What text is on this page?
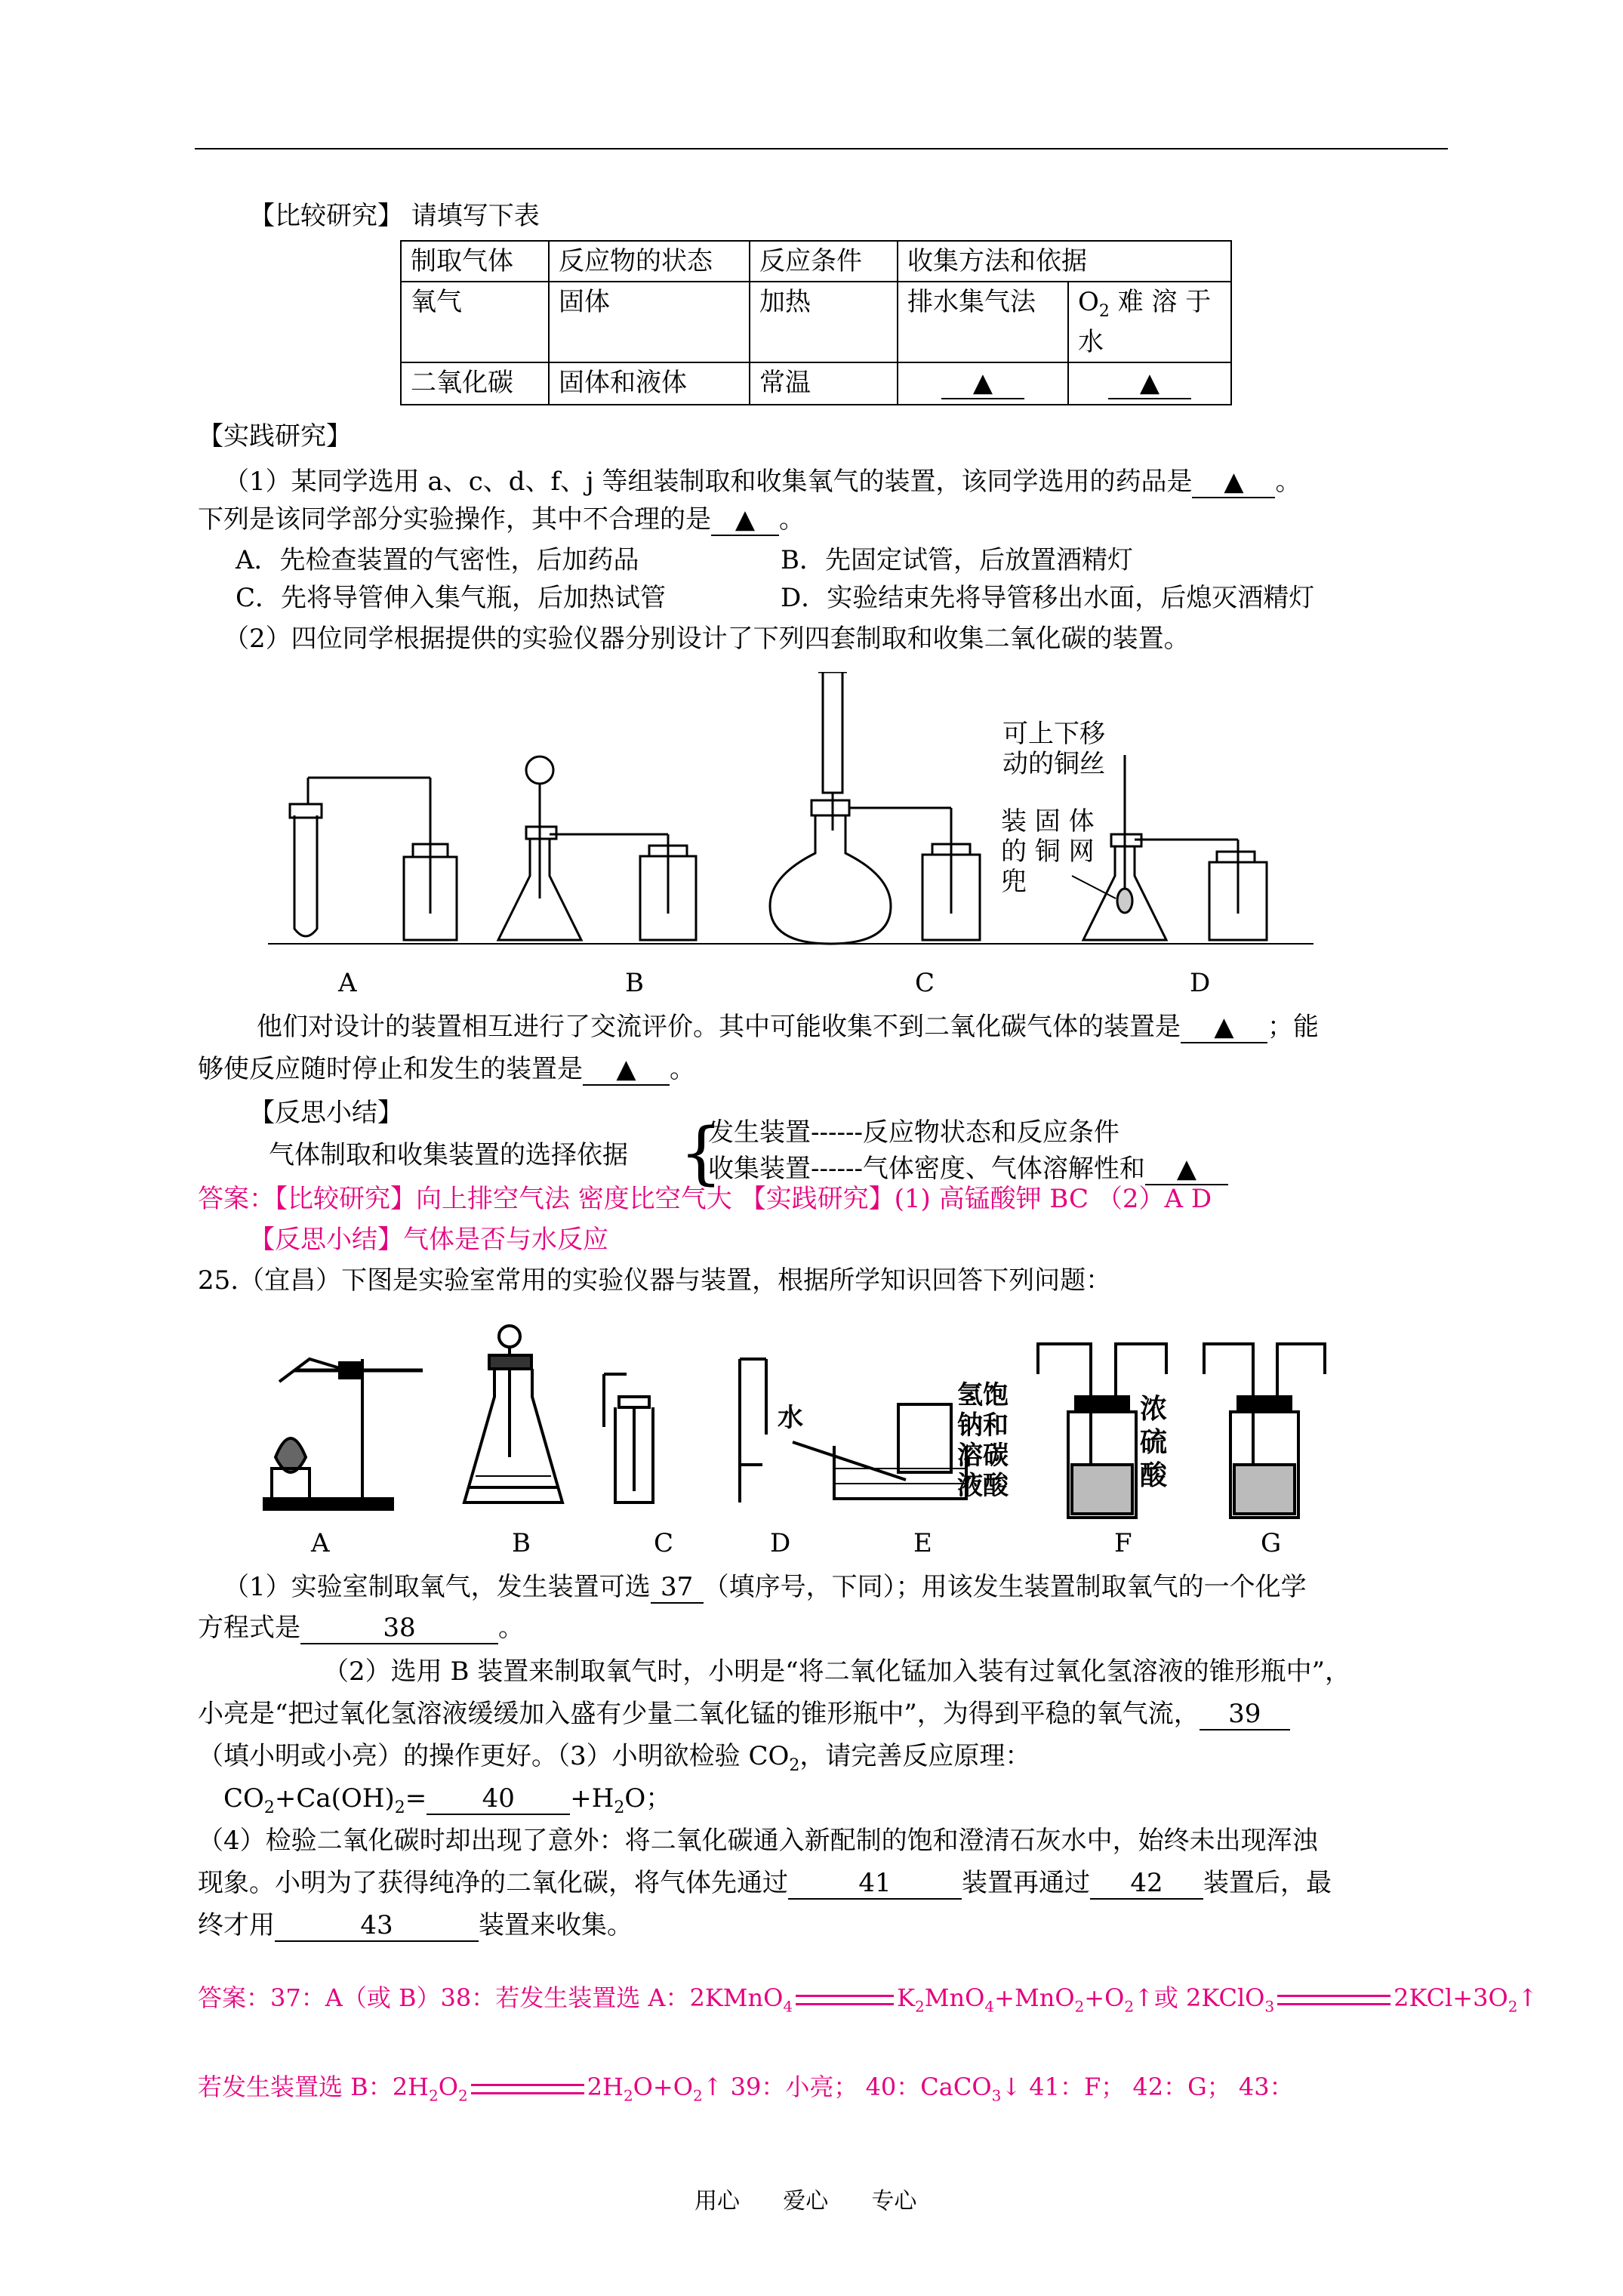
【比较研究】 请填写下表
制取气体	反应物的状态	反应条件	收集方法和依据	
氧气	固体	加热	排水集气法	$O_2$ 难 溶 于
水
二氧化碳	固体和液体	常温	▲	▲
【实践研究】
（1）某同学选用 a、c、d、f、j 等组装制取和收集氧气的装置，该同学选用的药品是 ▲ 。
下列是该同学部分实验操作，其中不合理的是 ▲ 。
A．先检查装置的气密性，后加药品	B．先固定试管，后放置酒精灯
C．先将导管伸入集气瓶，后加热试管	D．实验结束先将导管移出水面，后熄灭酒精灯
（2）四位同学根据提供的实验仪器分别设计了下列四套制取和收集二氧化碳的装置。
可上下移
动的铜丝
装 固 体
的 铜 网
兜
A	B	C	D
他们对设计的装置相互进行了交流评价。其中可能收集不到二氧化碳气体的装置是 ▲ ；能
够使反应随时停止和发生的装置是 ▲ 。
【反思小结】
气体制取和收集装置的选择依据 {
发生装置------反应物状态和反应条件
收集装置------气体密度、气体溶解性和 ▲
答案：【比较研究】向上排空气法 密度比空气大 【实践研究】(1) 高锰酸钾 BC （2）A D
【反思小结】气体是否与水反应
25.（宜昌）下图是实验室常用的实验仪器与装置，根据所学知识回答下列问题：
水
氢饱
钠和
溶碳
液酸
浓
硫
酸
A	B	C	D	E	F	G
（1）实验室制取氧气，发生装置可选 37 （填序号，下同）；用该发生装置制取氧气的一个化学
方程式是	38	。
（2）选用 B 装置来制取氧气时，小明是“将二氧化锰加入装有过氧化氢溶液的锥形瓶中”，
小亮是“把过氧化氢溶液缓缓加入盛有少量二氧化锰的锥形瓶中”，为得到平稳的氧气流， 39
（填小明或小亮）的操作更好。（3）小明欲检验 $CO_2$，请完善反应原理：
$CO_2+Ca(OH)_2= 40 +H_2O$；
（4）检验二氧化碳时却出现了意外：将二氧化碳通入新配制的饱和澄清石灰水中，始终未出现浑浊
现象。小明为了获得纯净的二氧化碳，将气体先通过	41	装置再通过 42 装置后，最
终才用	43	装置来收集。
答案：37：A（或 B）38：若发生装置选 A：2KMnO$_4$	$K_2MnO_4+MnO_2+O_2↑$或 2KClO$_3$	$2KCl+3O_2↑$
若发生装置选 B：$2H_2O_2$	$2H_2O+O_2↑$ 39：小亮； 40：CaCO$_3$↓ 41：F； 42：G； 43：
用心      爱心      专心
